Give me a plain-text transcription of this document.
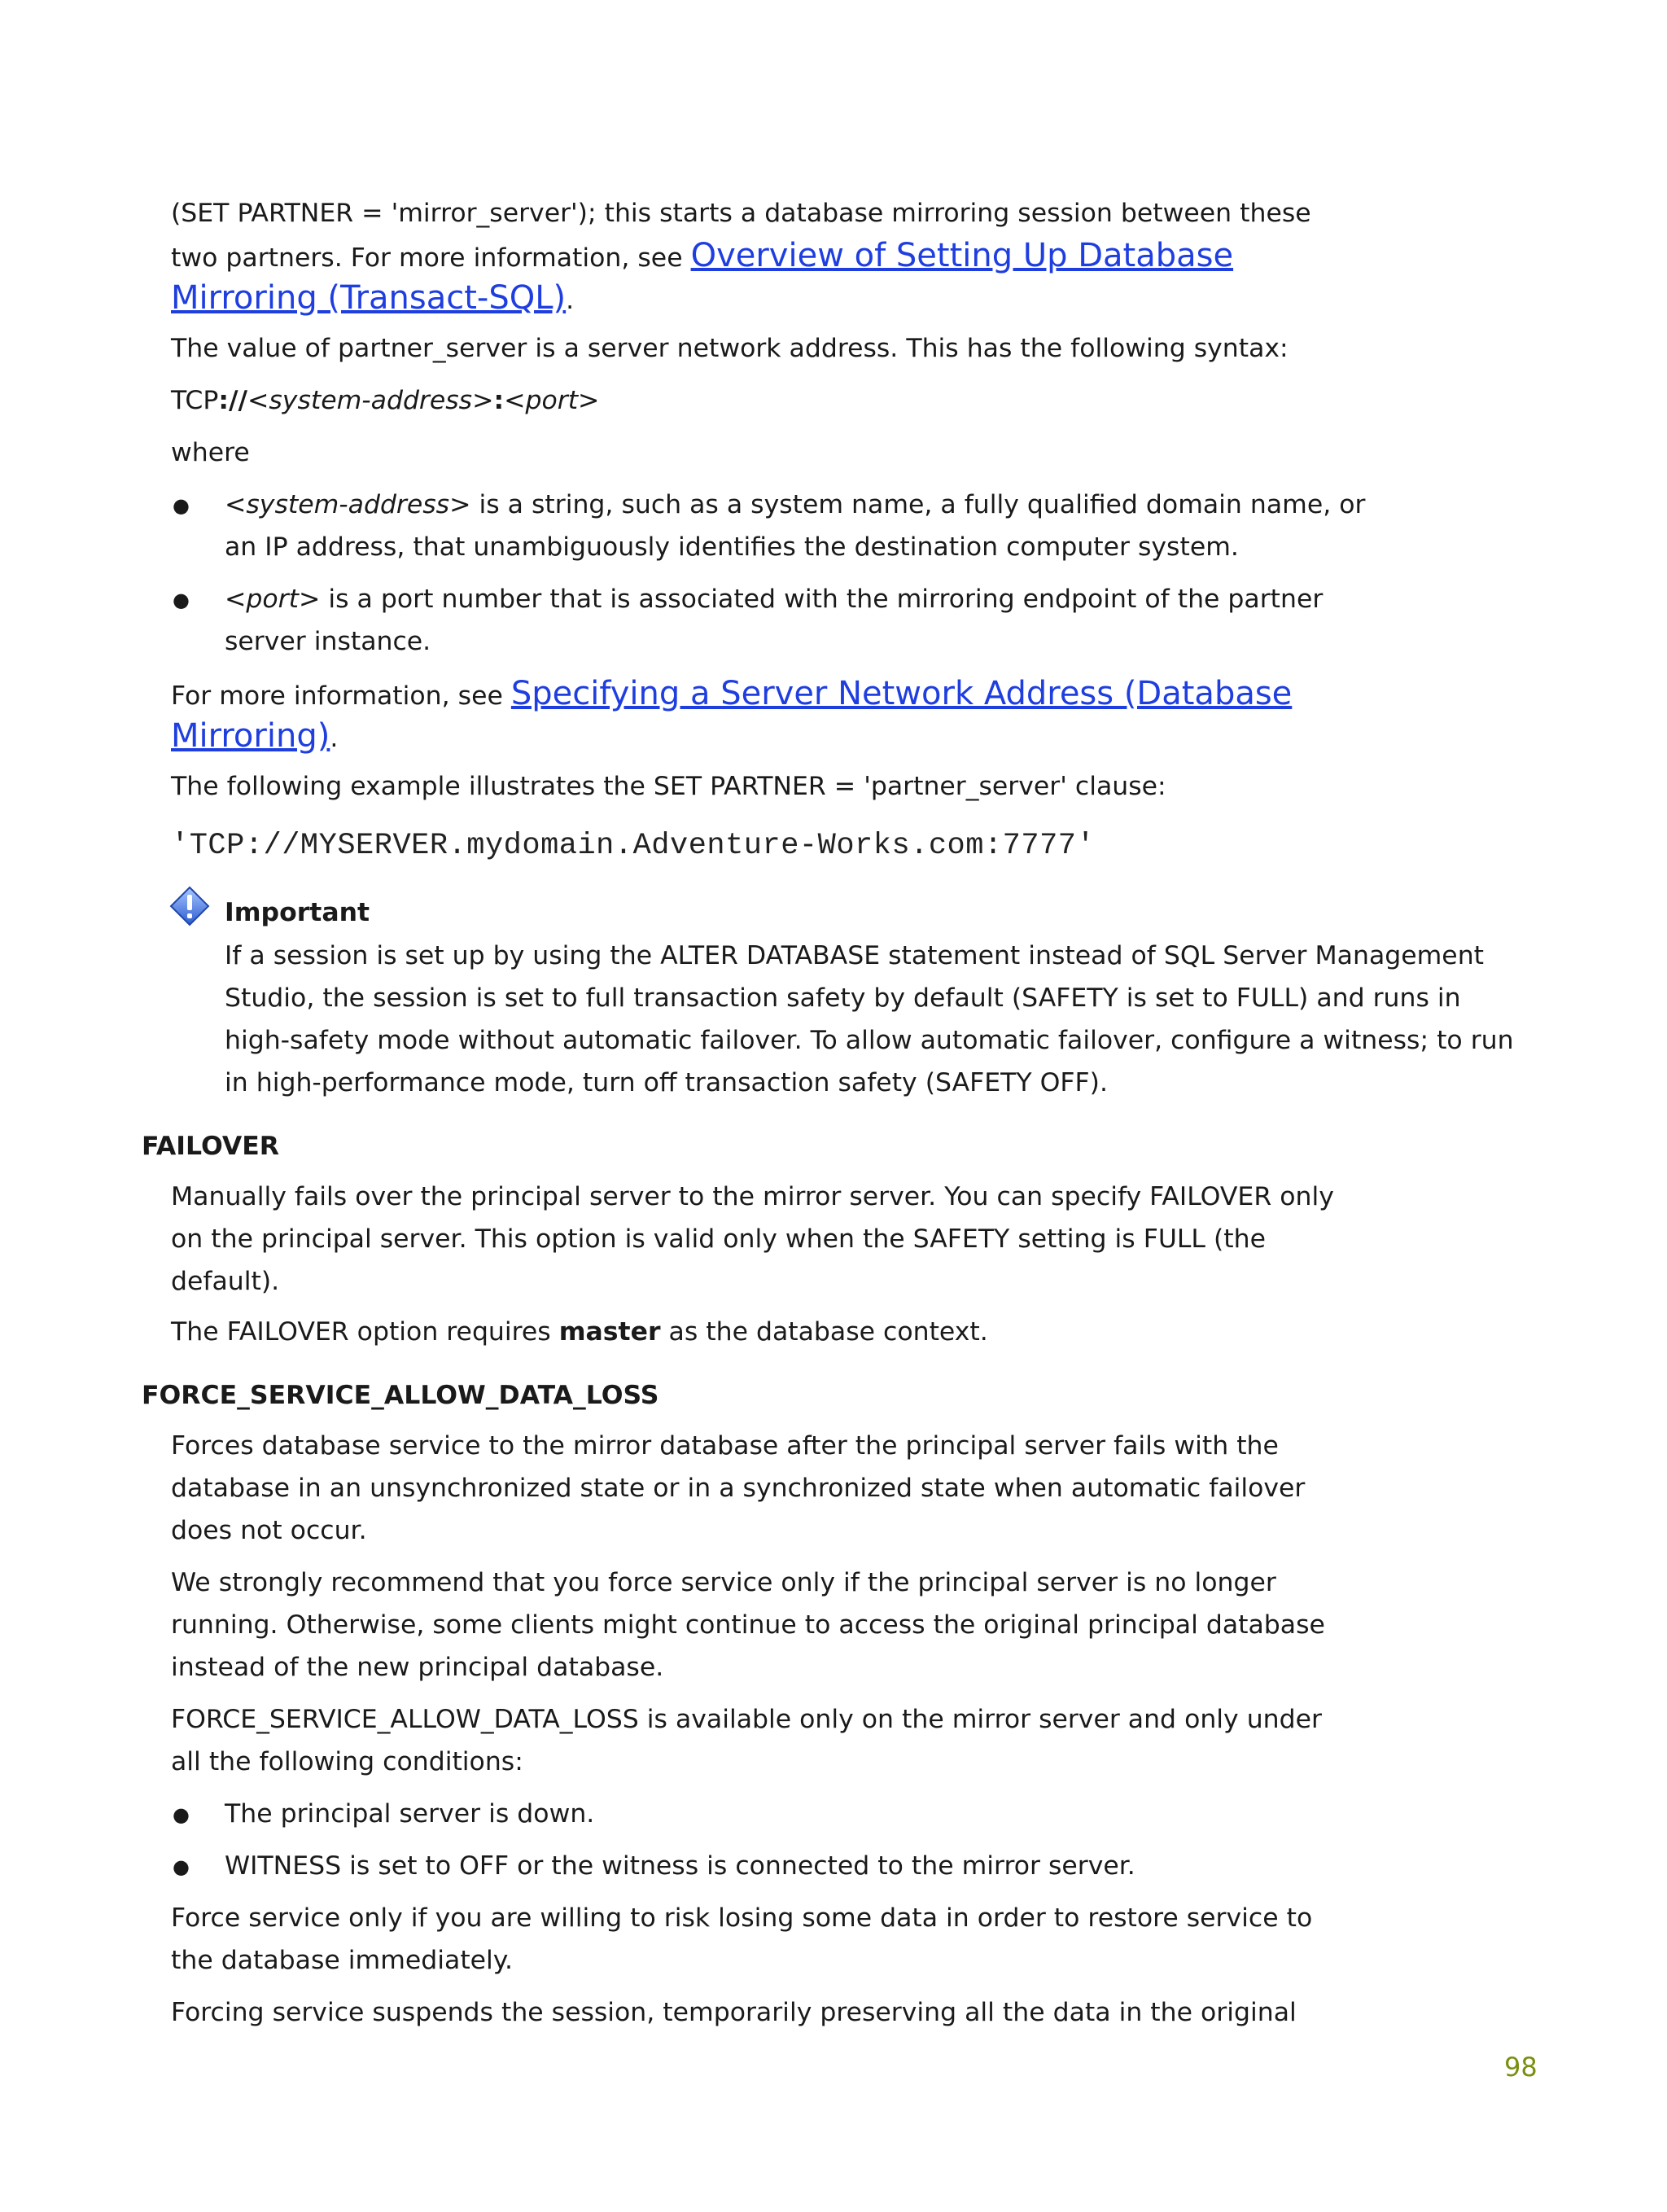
(SET PARTNER = 'mirror_server'); this starts a database mirroring session between these
two partners. For more information, see Overview of Setting Up Database
Mirroring (Transact-SQL).
The value of partner_server is a server network address. This has the following syntax:
TCP://<system-address>:<port>
where
● <system-address> is a string, such as a system name, a fully qualified domain name, or
an IP address, that unambiguously identifies the destination computer system.
● <port> is a port number that is associated with the mirroring endpoint of the partner
server instance.
For more information, see Specifying a Server Network Address (Database
Mirroring).
The following example illustrates the SET PARTNER = 'partner_server' clause:
'TCP://MYSERVER.mydomain.Adventure-Works.com:7777'
Important
If a session is set up by using the ALTER DATABASE statement instead of SQL Server Management
Studio, the session is set to full transaction safety by default (SAFETY is set to FULL) and runs in
high-safety mode without automatic failover. To allow automatic failover, configure a witness; to run
in high-performance mode, turn off transaction safety (SAFETY OFF).
FAILOVER
Manually fails over the principal server to the mirror server. You can specify FAILOVER only
on the principal server. This option is valid only when the SAFETY setting is FULL (the
default).
The FAILOVER option requires master as the database context.
FORCE_SERVICE_ALLOW_DATA_LOSS
Forces database service to the mirror database after the principal server fails with the
database in an unsynchronized state or in a synchronized state when automatic failover
does not occur.
We strongly recommend that you force service only if the principal server is no longer
running. Otherwise, some clients might continue to access the original principal database
instead of the new principal database.
FORCE_SERVICE_ALLOW_DATA_LOSS is available only on the mirror server and only under
all the following conditions:
● The principal server is down.
● WITNESS is set to OFF or the witness is connected to the mirror server.
Force service only if you are willing to risk losing some data in order to restore service to
the database immediately.
Forcing service suspends the session, temporarily preserving all the data in the original
98
